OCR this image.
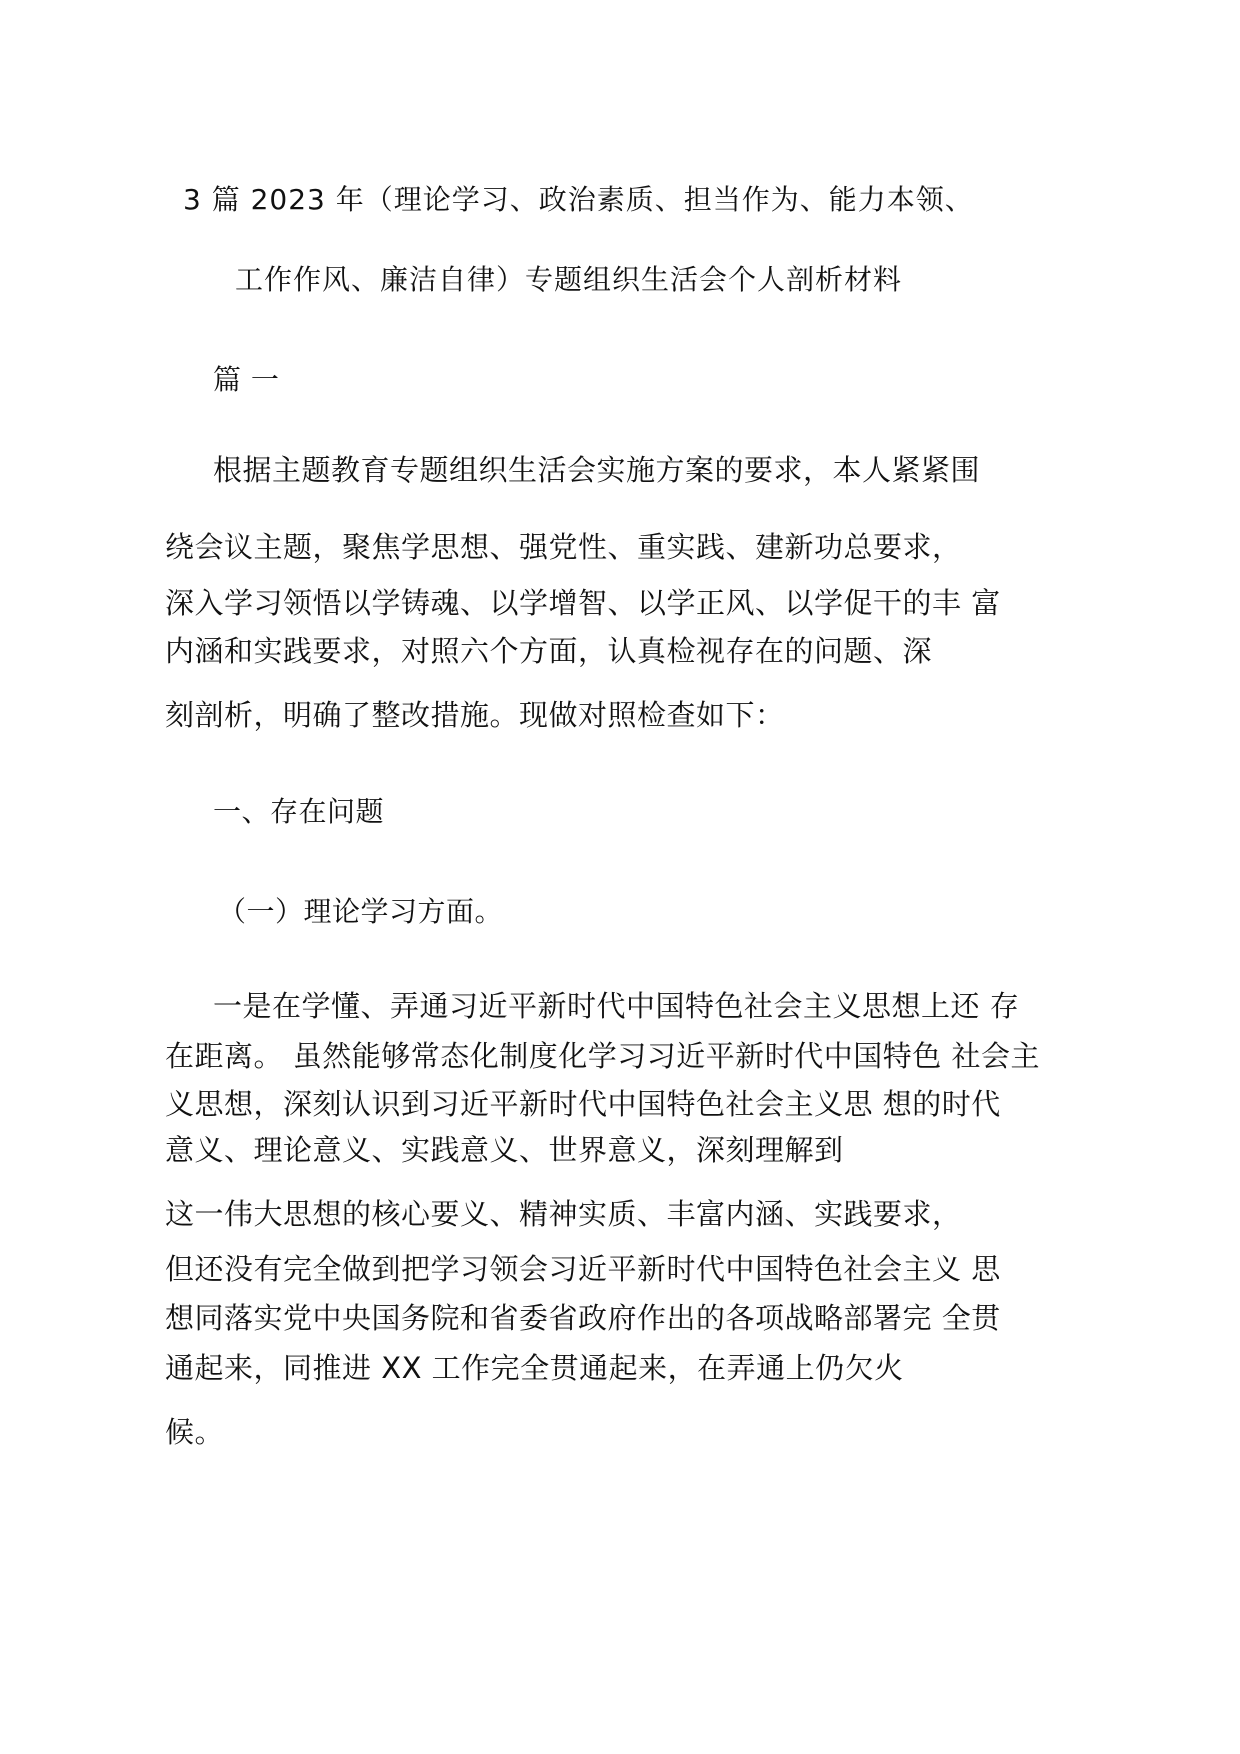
3 篇 2023 年（理论学习、政治素质、担当作为、能力本领、
工作作风、廉洁自律）专题组织生活会个人剖析材料
篇 一
根据主题教育专题组织生活会实施方案的要求，本人紧紧围
绕会议主题，聚焦学思想、强党性、重实践、建新功总要求，
深入学习领悟以学铸魂、以学增智、以学正风、以学促干的丰 富
内涵和实践要求，对照六个方面，认真检视存在的问题、深
刻剖析，明确了整改措施。现做对照检查如下：
一、存在问题
（一）理论学习方面。
一是在学懂、弄通习近平新时代中国特色社会主义思想上还 存
在距离。 虽然能够常态化制度化学习习近平新时代中国特色 社会主
义思想，深刻认识到习近平新时代中国特色社会主义思 想的时代
意义、理论意义、实践意义、世界意义，深刻理解到
这一伟大思想的核心要义、精神实质、丰富内涵、实践要求，
但还没有完全做到把学习领会习近平新时代中国特色社会主义 思
想同落实党中央国务院和省委省政府作出的各项战略部署完 全贯
通起来，同推进 XX 工作完全贯通起来，在弄通上仍欠火
候。
